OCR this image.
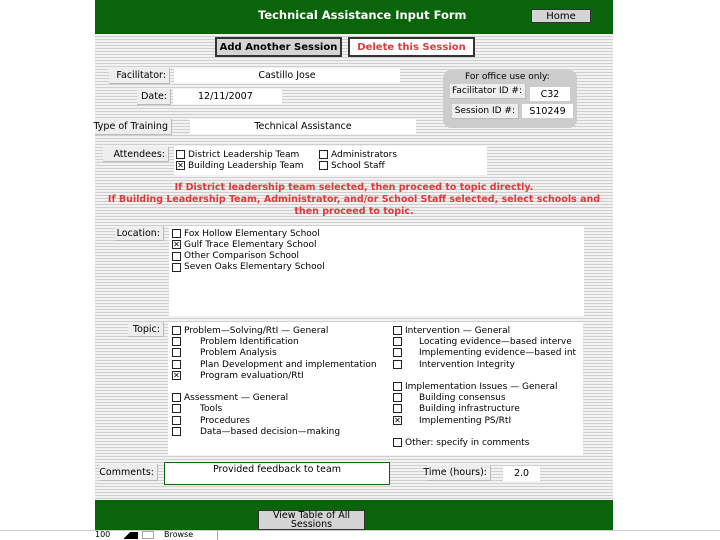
Technical Assistance Input Form	Home
Add Another Session	Delete this Session
Facilitator:	Castillo Jose
Date:	12/11/2007
Type of Training	Technical Assistance
For office use only:
Facilitator ID #:	C32
Session ID #:	S10249
Attendees:	District Leadership Team	Administrators
✕ Building Leadership Team	School Staff
If District leadership team selected, then proceed to topic directly.
If Building Leadership Team, Administrator, and/or School Staff selected, select schools and
then proceed to topic.
Location:	Fox Hollow Elementary School
✕ Gulf Trace Elementary School
Other Comparison School
Seven Oaks Elementary School
Topic:	Problem—Solving/RtI — General
Problem Identification
Problem Analysis
Plan Development and implementation
✕ Program evaluation/RtI
Assessment — General
Tools
Procedures
Data—based decision—making
Intervention — General
Locating evidence—based interve
Implementing evidence—based int
Intervention Integrity
Implementation Issues — General
Building consensus
Building infrastructure
✕ Implementing PS/RtI
Other: specify in comments
Comments:	Provided feedback to team	Time (hours):	2.0
View Table of All Sessions
100	Browse
